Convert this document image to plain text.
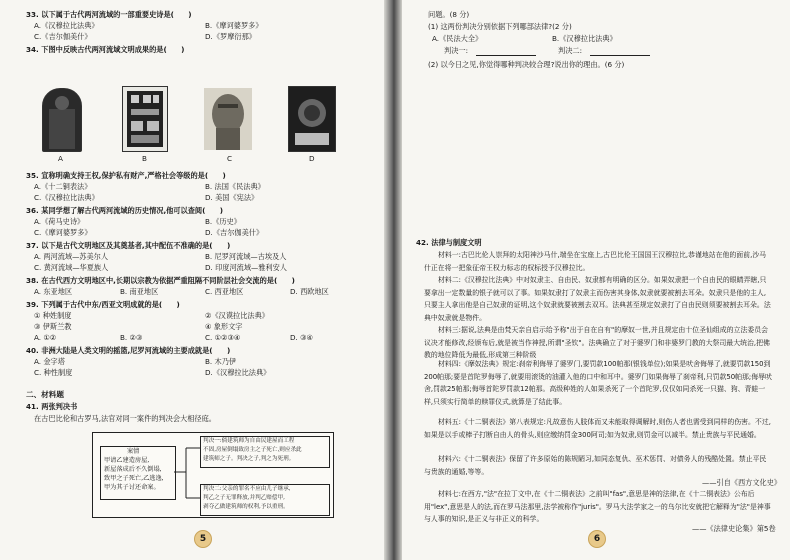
33. 以下属于古代两河流域的一部重要史诗是(　　)
A.《汉穆拉比法典》	B.《摩诃婆罗多》
C.《吉尔伽美什》	D.《罗摩衍那》
34. 下图中反映古代两河流域文明成果的是(　　)
A	B	C	D
35. 宣称明确支持王权,保护私有财产,严格社会等级的是(　　)
A.《十二铜表法》	B. 法国《民法典》
C.《汉穆拉比法典》	D. 美国《宪法》
36. 某同学想了解古代两河流域的历史情况,他可以查阅(　　)
A.《荷马史诗》	B.《历史》
C.《摩诃婆罗多》	D.《吉尔伽美什》
37. 以下是古代文明地区及其奠基者,其中配伍不准确的是(　　)
A. 两河流域—苏美尔人	B. 尼罗河流域—古埃及人
C. 黄河流域—华夏族人	D. 印度河流域—雅利安人
38. 在古代西方文明地区中,长期以宗教为依据严重阻隔不同阶层社会交流的是(　　)
A. 东亚地区	B. 南亚地区	C. 西亚地区	D. 西欧地区
39. 下列属于古代中东/西亚文明成就的是(　　)
① 种姓制度	②《汉谟拉比法典》
③ 伊斯兰教	④ 象形文字
A. ①②	B. ②③	C. ①②③④	D. ③④
40. 非洲大陆是人类文明的摇篮,尼罗河流域的主要成就是(　　)
A. 金字塔	B. 木乃伊
C. 种性制度	D.《汉穆拉比法典》
二、材料题
41. 两张判决书
在古巴比伦和古罗马,法官对同一案件的判决会大相径庭。
案情
甲请乙建造房屋,
新屋落成后不久倒塌,
致甲之子死亡,乙逃逸,
甲为其子讨还命案。
判决一:倘建筑师为自由民建屋而工程
不固,房屋倒塌致房主之子死亡,则应杀此
建筑师之子。判决之子,判之为死刑。
判决二:父亲的罪名不应由儿子继承,
判乙之子无罪释放,并判乙赔偿甲,
剥夺乙做建筑师的权利,予以重刑。
5
问题。(8 分)
(1) 这两份判决分别依据下列哪部法律?(2 分)
A.《民法大全》	B.《汉穆拉比法典》
判决一:	判决二:
(2) 以今日之见,你觉得哪种判决较合理?说出你的理由。(6 分)
42. 法律与制度文明
材料一:古巴比伦人崇拜的太阳神沙马什,端坐在宝座上,古巴比伦王国国王汉穆拉比,恭谨地站在他的面前,沙马什正在将一把象征帝王权力标志的权标授予汉穆拉比。
材料二:《汉穆拉比法典》中对奴隶主、自由民、奴隶都有明确的区分。如果奴隶把一个自由民的眼睛弄瞎,只要拿出一定数量的银子就可以了事。如果奴隶打了奴隶主而伤害其身体,奴隶就要被割去耳朵。奴隶只是他的主人,只要主人拿出他是自己奴隶的证明,这个奴隶就要被割去双耳。法典甚至规定奴隶打了自由民则须要被割去耳朵。法典中奴隶就是物件。
材料三:据说,法典是由梵天亲自启示给予称"出于自在自有"的摩奴一世,并且规定由十位圣仙组成的立法委员会议决才能修改,经颁布后,就是被当作神授,所谓"圣钦"。法典确立了对于婆罗门和非婆罗门教的大祭司最大统治,把佛教的地位降低为最低,形成第三种阶级
材料四:《摩奴法典》规定:刹帝利侮辱了婆罗门,要罚款100帕那(银钱单位);如果是吠舍侮辱了,就要罚款150到200帕那;要是首陀罗侮辱了,就要用滚烫的油灌入他的口中和耳中。婆罗门如果侮辱了刹帝利,只罚款50帕那;侮辱吠舍,罚款25帕那;侮辱首陀罗罚款12帕那。高级种姓的人如果杀死了一个首陀罗,仅仅如同杀死一只猫、狗、青蛙一样,只须实行简单的赎罪仪式,就算是了结此事。
材料五:《十二铜表法》第八表规定:凡故意伤人肢体而又未能取得调解时,则伤人者也需受到同样的伤害。不过,如果是以手或棒子打断自由人的骨头,则应缴纳罚金300阿司;如为奴隶,则罚金可以减半。禁止贵族与平民通婚。
材料六:《十二铜表法》保留了许多原始的陈规陋习,如同态复仇、巫术惩罚、对债务人的残酷处置。禁止平民与贵族的通婚,等等。
——引自《西方文化史》
材料七:在西方,"法"在拉丁文中,在《十二铜表法》之前叫"fas",意思是神的法律,在《十二铜表法》公布后用"lex",意思是人的法,而在罗马法那里,法学被称作"juris"。罗马大法学家之一的乌尔比安就把它解释为"法"是神事与人事的知识,是正义与非正义的科学。
——《法律史论集》第5卷
6
